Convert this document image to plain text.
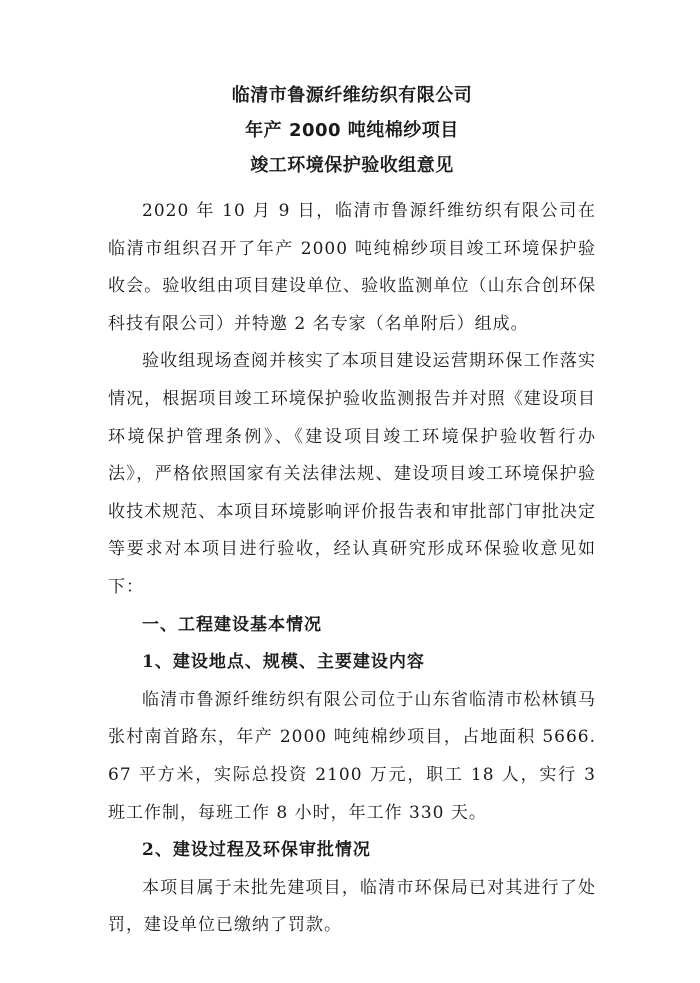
临清市鲁源纤维纺织有限公司
年产 2000 吨纯棉纱项目
竣工环境保护验收组意见

2020 年 10 月 9 日，临清市鲁源纤维纺织有限公司在临清市组织召开了年产 2000 吨纯棉纱项目竣工环境保护验收会。验收组由项目建设单位、验收监测单位（山东合创环保科技有限公司）并特邀 2 名专家（名单附后）组成。

验收组现场查阅并核实了本项目建设运营期环保工作落实情况，根据项目竣工环境保护验收监测报告并对照《建设项目环境保护管理条例》、《建设项目竣工环境保护验收暂行办法》，严格依照国家有关法律法规、建设项目竣工环境保护验收技术规范、本项目环境影响评价报告表和审批部门审批决定等要求对本项目进行验收，经认真研究形成环保验收意见如下：

一、工程建设基本情况
1、建设地点、规模、主要建设内容

临清市鲁源纤维纺织有限公司位于山东省临清市松林镇马张村南首路东，年产 2000 吨纯棉纱项目，占地面积 5666. 67 平方米，实际总投资 2100 万元，职工 18 人，实行 3 班工作制，每班工作 8 小时，年工作 330 天。

2、建设过程及环保审批情况

本项目属于未批先建项目，临清市环保局已对其进行了处罚，建设单位已缴纳了罚款。
